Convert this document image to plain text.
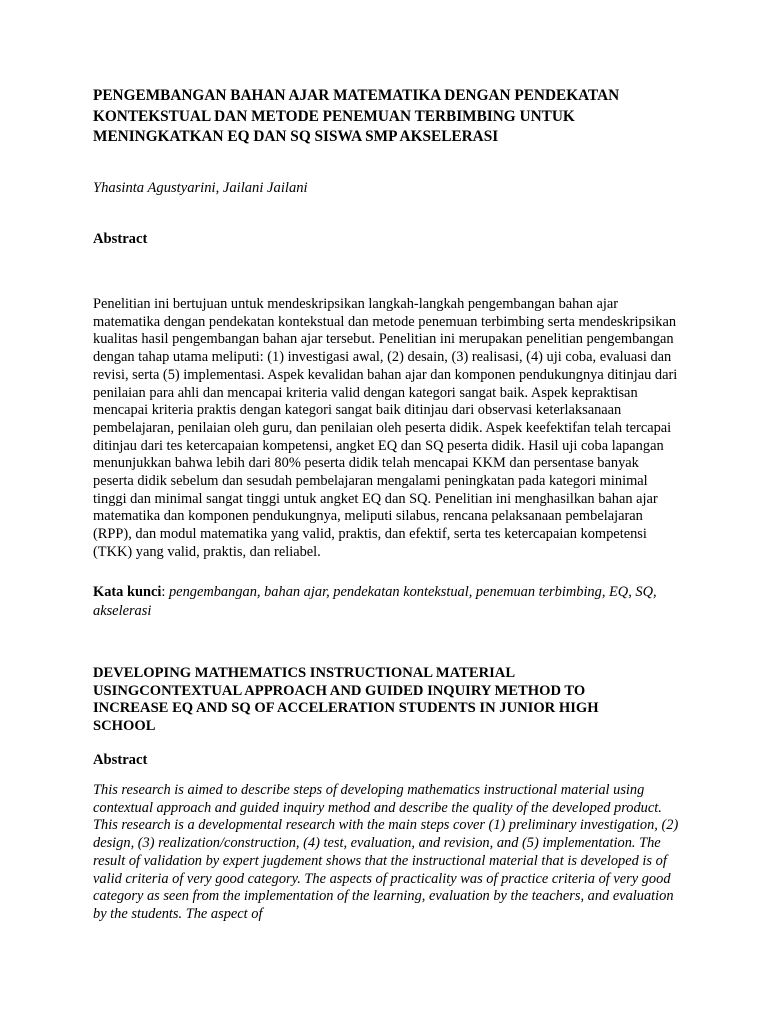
PENGEMBANGAN BAHAN AJAR MATEMATIKA DENGAN PENDEKATAN KONTEKSTUAL DAN METODE PENEMUAN TERBIMBING UNTUK MENINGKATKAN EQ DAN SQ SISWA SMP AKSELERASI

Yhasinta Agustyarini, Jailani Jailani

Abstract

Penelitian ini bertujuan untuk mendeskripsikan langkah-langkah pengembangan bahan ajar matematika dengan pendekatan kontekstual dan metode penemuan terbimbing serta mendeskripsikan kualitas hasil pengembangan bahan ajar tersebut. Penelitian ini merupakan penelitian pengembangan dengan tahap utama meliputi: (1) investigasi awal, (2) desain, (3) realisasi, (4) uji coba, evaluasi dan revisi, serta (5) implementasi. Aspek kevalidan bahan ajar dan komponen pendukungnya ditinjau dari penilaian para ahli dan mencapai kriteria valid dengan kategori sangat baik. Aspek kepraktisan mencapai kriteria praktis dengan kategori sangat baik ditinjau dari observasi keterlaksanaan pembelajaran, penilaian oleh guru, dan penilaian oleh peserta didik. Aspek keefektifan telah tercapai ditinjau dari tes ketercapaian kompetensi, angket EQ dan SQ peserta didik. Hasil uji coba lapangan menunjukkan bahwa lebih dari 80% peserta didik telah mencapai KKM dan persentase banyak peserta didik sebelum dan sesudah pembelajaran mengalami peningkatan pada kategori minimal tinggi dan minimal sangat tinggi untuk angket EQ dan SQ. Penelitian ini menghasilkan bahan ajar matematika dan komponen pendukungnya, meliputi silabus, rencana pelaksanaan pembelajaran (RPP), dan modul matematika yang valid, praktis, dan efektif, serta tes ketercapaian kompetensi (TKK) yang valid, praktis, dan reliabel.

Kata kunci: pengembangan, bahan ajar, pendekatan kontekstual, penemuan terbimbing, EQ, SQ, akselerasi

DEVELOPING MATHEMATICS INSTRUCTIONAL MATERIAL USINGCONTEXTUAL APPROACH AND GUIDED INQUIRY METHOD TO INCREASE EQ AND SQ OF ACCELERATION STUDENTS IN JUNIOR HIGH SCHOOL
Abstract

This research is aimed to describe steps of developing mathematics instructional material using contextual approach and guided inquiry method and describe the quality of the developed product. This research is a developmental research with the main steps cover (1) preliminary investigation, (2) design, (3) realization/construction, (4) test, evaluation, and revision, and (5) implementation. The result of validation by expert jugdement shows that the instructional material that is developed is of valid criteria of very good category. The aspects of practicality was of practice criteria of very good category as seen from the implementation of the learning, evaluation by the teachers, and evaluation by the students. The aspect of
